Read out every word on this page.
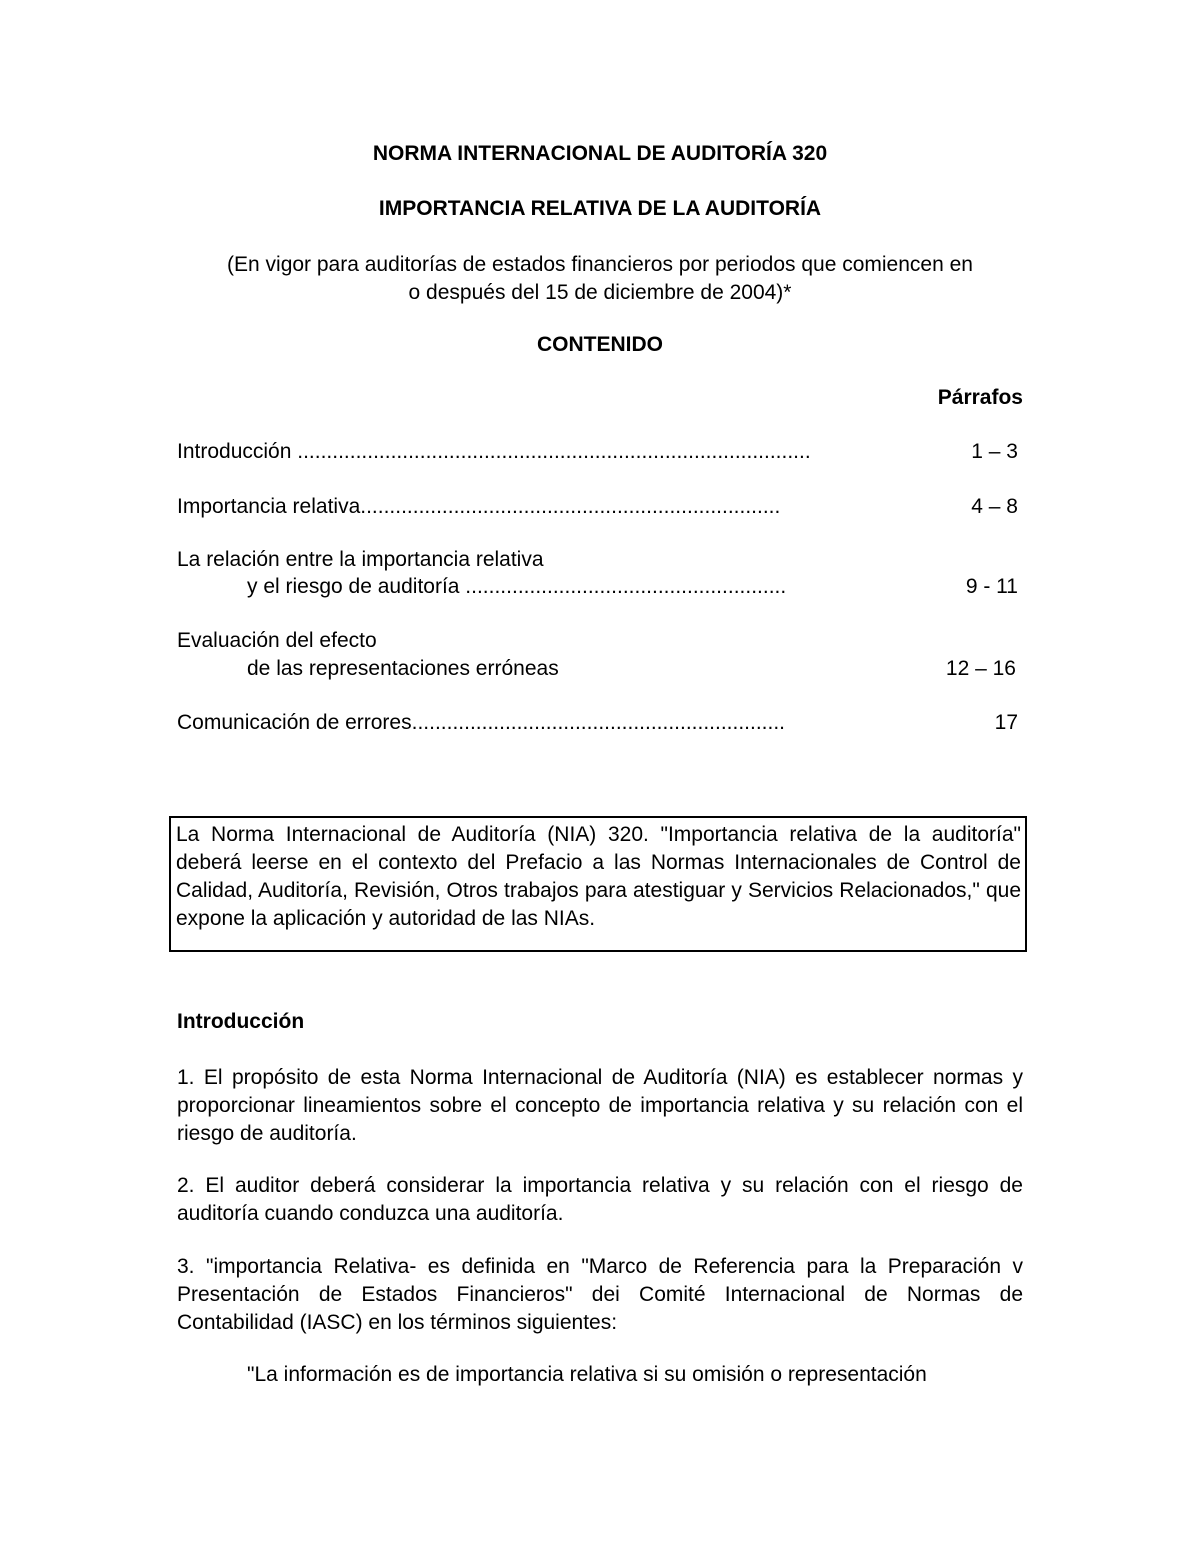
NORMA INTERNACIONAL DE AUDITORÍA 320
IMPORTANCIA RELATIVA DE LA AUDITORÍA
(En vigor para auditorías de estados financieros por periodos que comiencen en
o después del 15 de diciembre de 2004)*
CONTENIDO
Párrafos
Introducción ........................................................................................	1 – 3
Importancia relativa........................................................................	4 – 8
La relación entre la importancia relativa
y el riesgo de auditoría .......................................................	9 - 11
Evaluación del efecto
de las representaciones erróneas	12 – 16
Comunicación de errores................................................................	17
La Norma Internacional de Auditoría (NIA) 320. "Importancia relativa de la auditoría" deberá leerse en el contexto del Prefacio a las Normas Internacionales de Control de Calidad, Auditoría, Revisión, Otros trabajos para atestiguar y Servicios Relacionados," que expone la aplicación y autoridad de las NIAs.
Introducción
1. El propósito de esta Norma Internacional de Auditoría (NIA) es establecer normas y proporcionar lineamientos sobre el concepto de importancia relativa y su relación con el riesgo de auditoría.
2. El auditor deberá considerar la importancia relativa y su relación con el riesgo de auditoría cuando conduzca una auditoría.
3. "importancia Relativa- es definida en "Marco de Referencia para la Preparación v Presentación de Estados Financieros" dei Comité Internacional de Normas de Contabilidad (IASC) en los términos siguientes:
"La información es de importancia relativa si su omisión o representación
